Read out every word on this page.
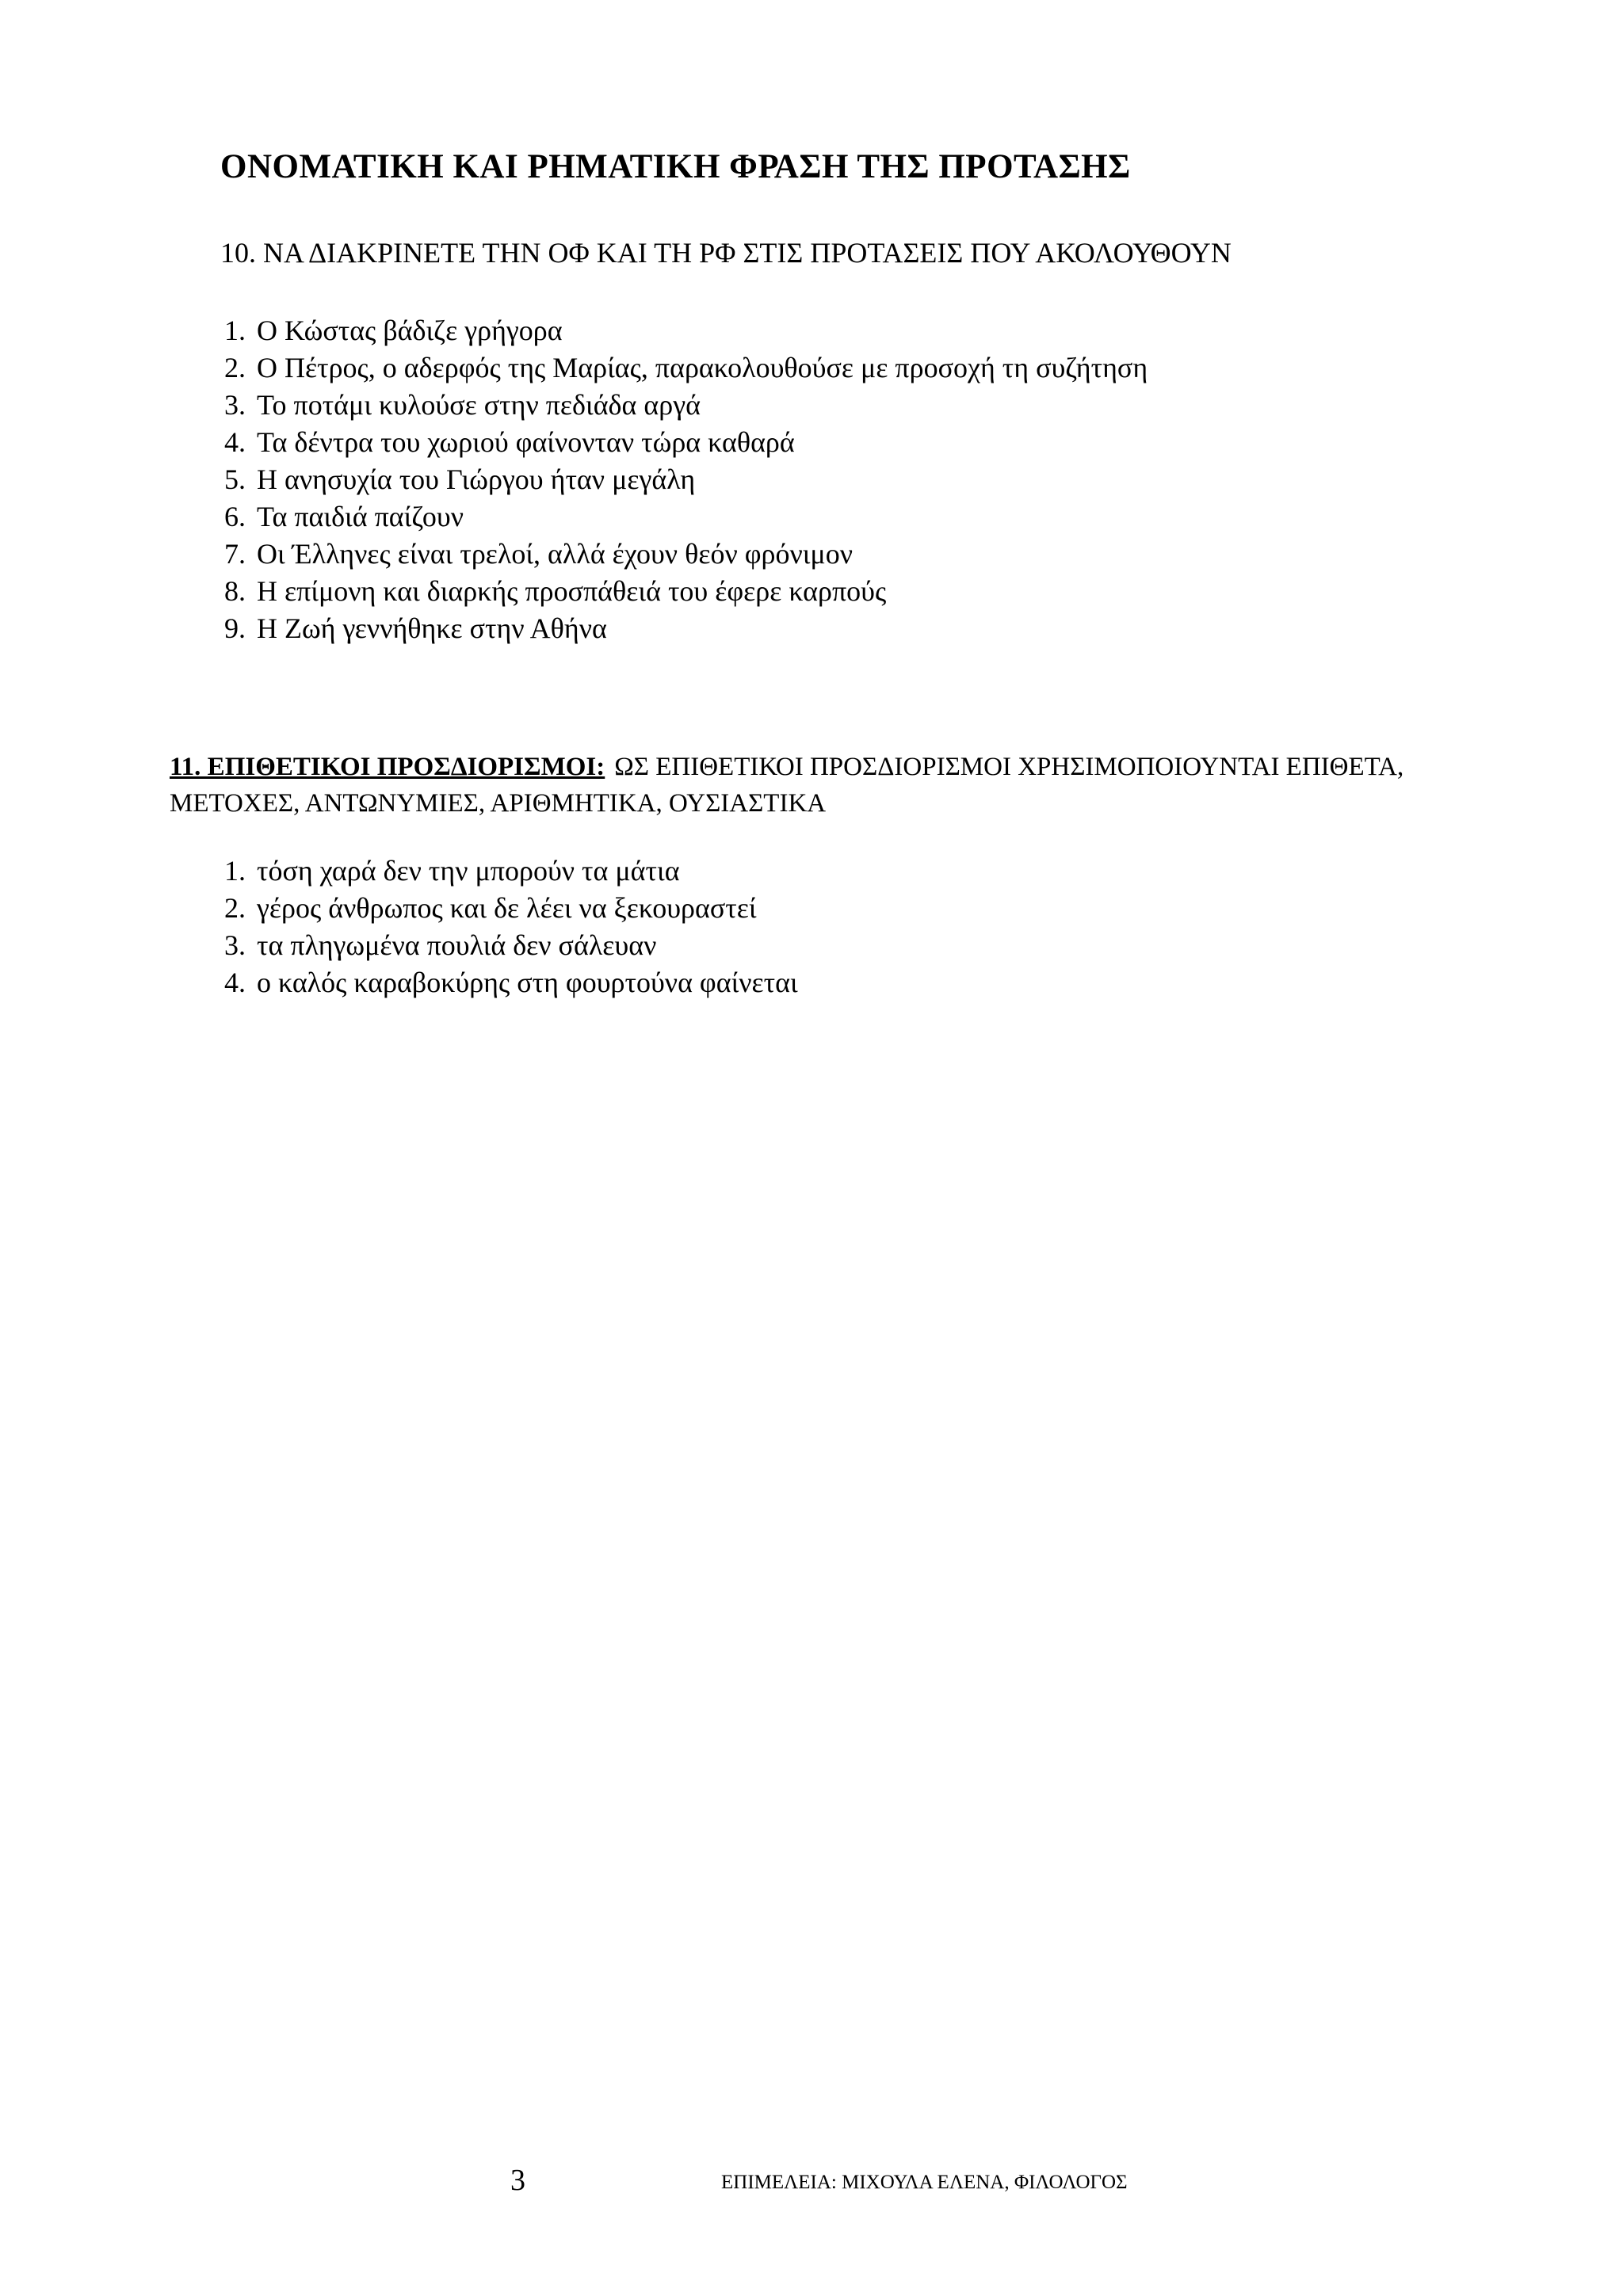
ΟΝΟΜΑΤΙΚΗ ΚΑΙ ΡΗΜΑΤΙΚΗ ΦΡΑΣΗ ΤΗΣ ΠΡΟΤΑΣΗΣ
10. ΝΑ ΔΙΑΚΡΙΝΕΤΕ ΤΗΝ ΟΦ ΚΑΙ ΤΗ ΡΦ ΣΤΙΣ ΠΡΟΤΑΣΕΙΣ ΠΟΥ ΑΚΟΛΟΥΘΟΥΝ
1. Ο Κώστας βάδιζε γρήγορα
2. Ο Πέτρος, ο αδερφός της Μαρίας, παρακολουθούσε με προσοχή τη συζήτηση
3. Το ποτάμι κυλούσε στην πεδιάδα αργά
4. Τα δέντρα του χωριού φαίνονταν τώρα καθαρά
5. Η ανησυχία του Γιώργου ήταν μεγάλη
6. Τα παιδιά παίζουν
7. Οι Έλληνες είναι τρελοί, αλλά έχουν θεόν φρόνιμον
8. Η επίμονη και διαρκής προσπάθειά του έφερε καρπούς
9. Η Ζωή γεννήθηκε στην Αθήνα
11. ΕΠΙΘΕΤΙΚΟΙ ΠΡΟΣΔΙΟΡΙΣΜΟΙ: ΩΣ ΕΠΙΘΕΤΙΚΟΙ ΠΡΟΣΔΙΟΡΙΣΜΟΙ ΧΡΗΣΙΜΟΠΟΙΟΥΝΤΑΙ ΕΠΙΘΕΤΑ, ΜΕΤΟΧΕΣ, ΑΝΤΩΝΥΜΙΕΣ, ΑΡΙΘΜΗΤΙΚΑ, ΟΥΣΙΑΣΤΙΚΑ
1. τόση χαρά δεν την μπορούν τα μάτια
2. γέρος άνθρωπος και δε λέει να ξεκουραστεί
3. τα πληγωμένα πουλιά δεν σάλευαν
4. ο καλός καραβοκύρης στη φουρτούνα φαίνεται
3	ΕΠΙΜΕΛΕΙΑ: ΜΙΧΟΥΛΑ ΕΛΕΝΑ, ΦΙΛΟΛΟΓΟΣ
